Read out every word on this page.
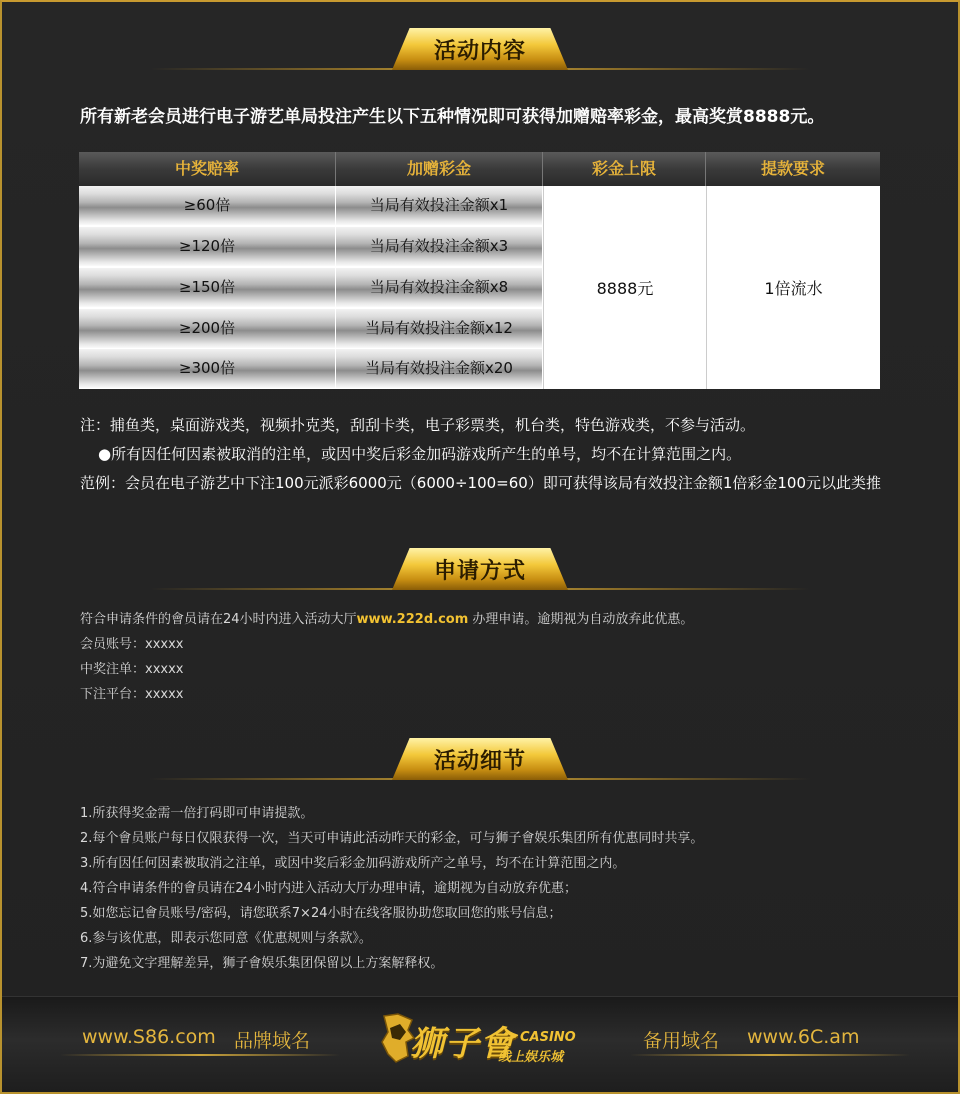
活动内容
所有新老会员进行电子游艺单局投注产生以下五种情况即可获得加赠赔率彩金，最高奖赏8888元。
中奖赔率	加赠彩金	彩金上限	提款要求
≥60倍	当局有效投注金额x1
≥120倍	当局有效投注金额x3
≥150倍	当局有效投注金额x8
≥200倍	当局有效投注金额x12
≥300倍	当局有效投注金额x20
8888元	1倍流水
注：捕鱼类，桌面游戏类，视频扑克类，刮刮卡类，电子彩票类，机台类，特色游戏类，不参与活动。
●所有因任何因素被取消的注单，或因中奖后彩金加码游戏所产生的单号，均不在计算范围之内。
范例：会员在电子游艺中下注100元派彩6000元（6000÷100=60）即可获得该局有效投注金额1倍彩金100元以此类推
申请方式
符合申请条件的會员请在24小时内进入活动大厅www.222d.com 办理申请。逾期视为自动放弃此优惠。
会员账号：xxxxx
中奖注单：xxxxx
下注平台：xxxxx
活动细节
1.所获得奖金需一倍打码即可申请提款。
2.每个會员账户每日仅限获得一次，当天可申请此活动昨天的彩金，可与狮子會娱乐集团所有优惠同时共享。
3.所有因任何因素被取消之注单，或因中奖后彩金加码游戏所产之单号，均不在计算范围之内。
4.符合申请条件的會员请在24小时内进入活动大厅办理申请，逾期视为自动放弃优惠；
5.如您忘记會员账号/密码，请您联系7×24小时在线客服协助您取回您的账号信息；
6.参与该优惠，即表示您同意《优惠规则与条款》。
7.为避免文字理解差异，狮子會娱乐集团保留以上方案解释权。
www.S86.com 品牌域名	备用域名 www.6C.am
狮子會 CASINO
线上娱乐城
